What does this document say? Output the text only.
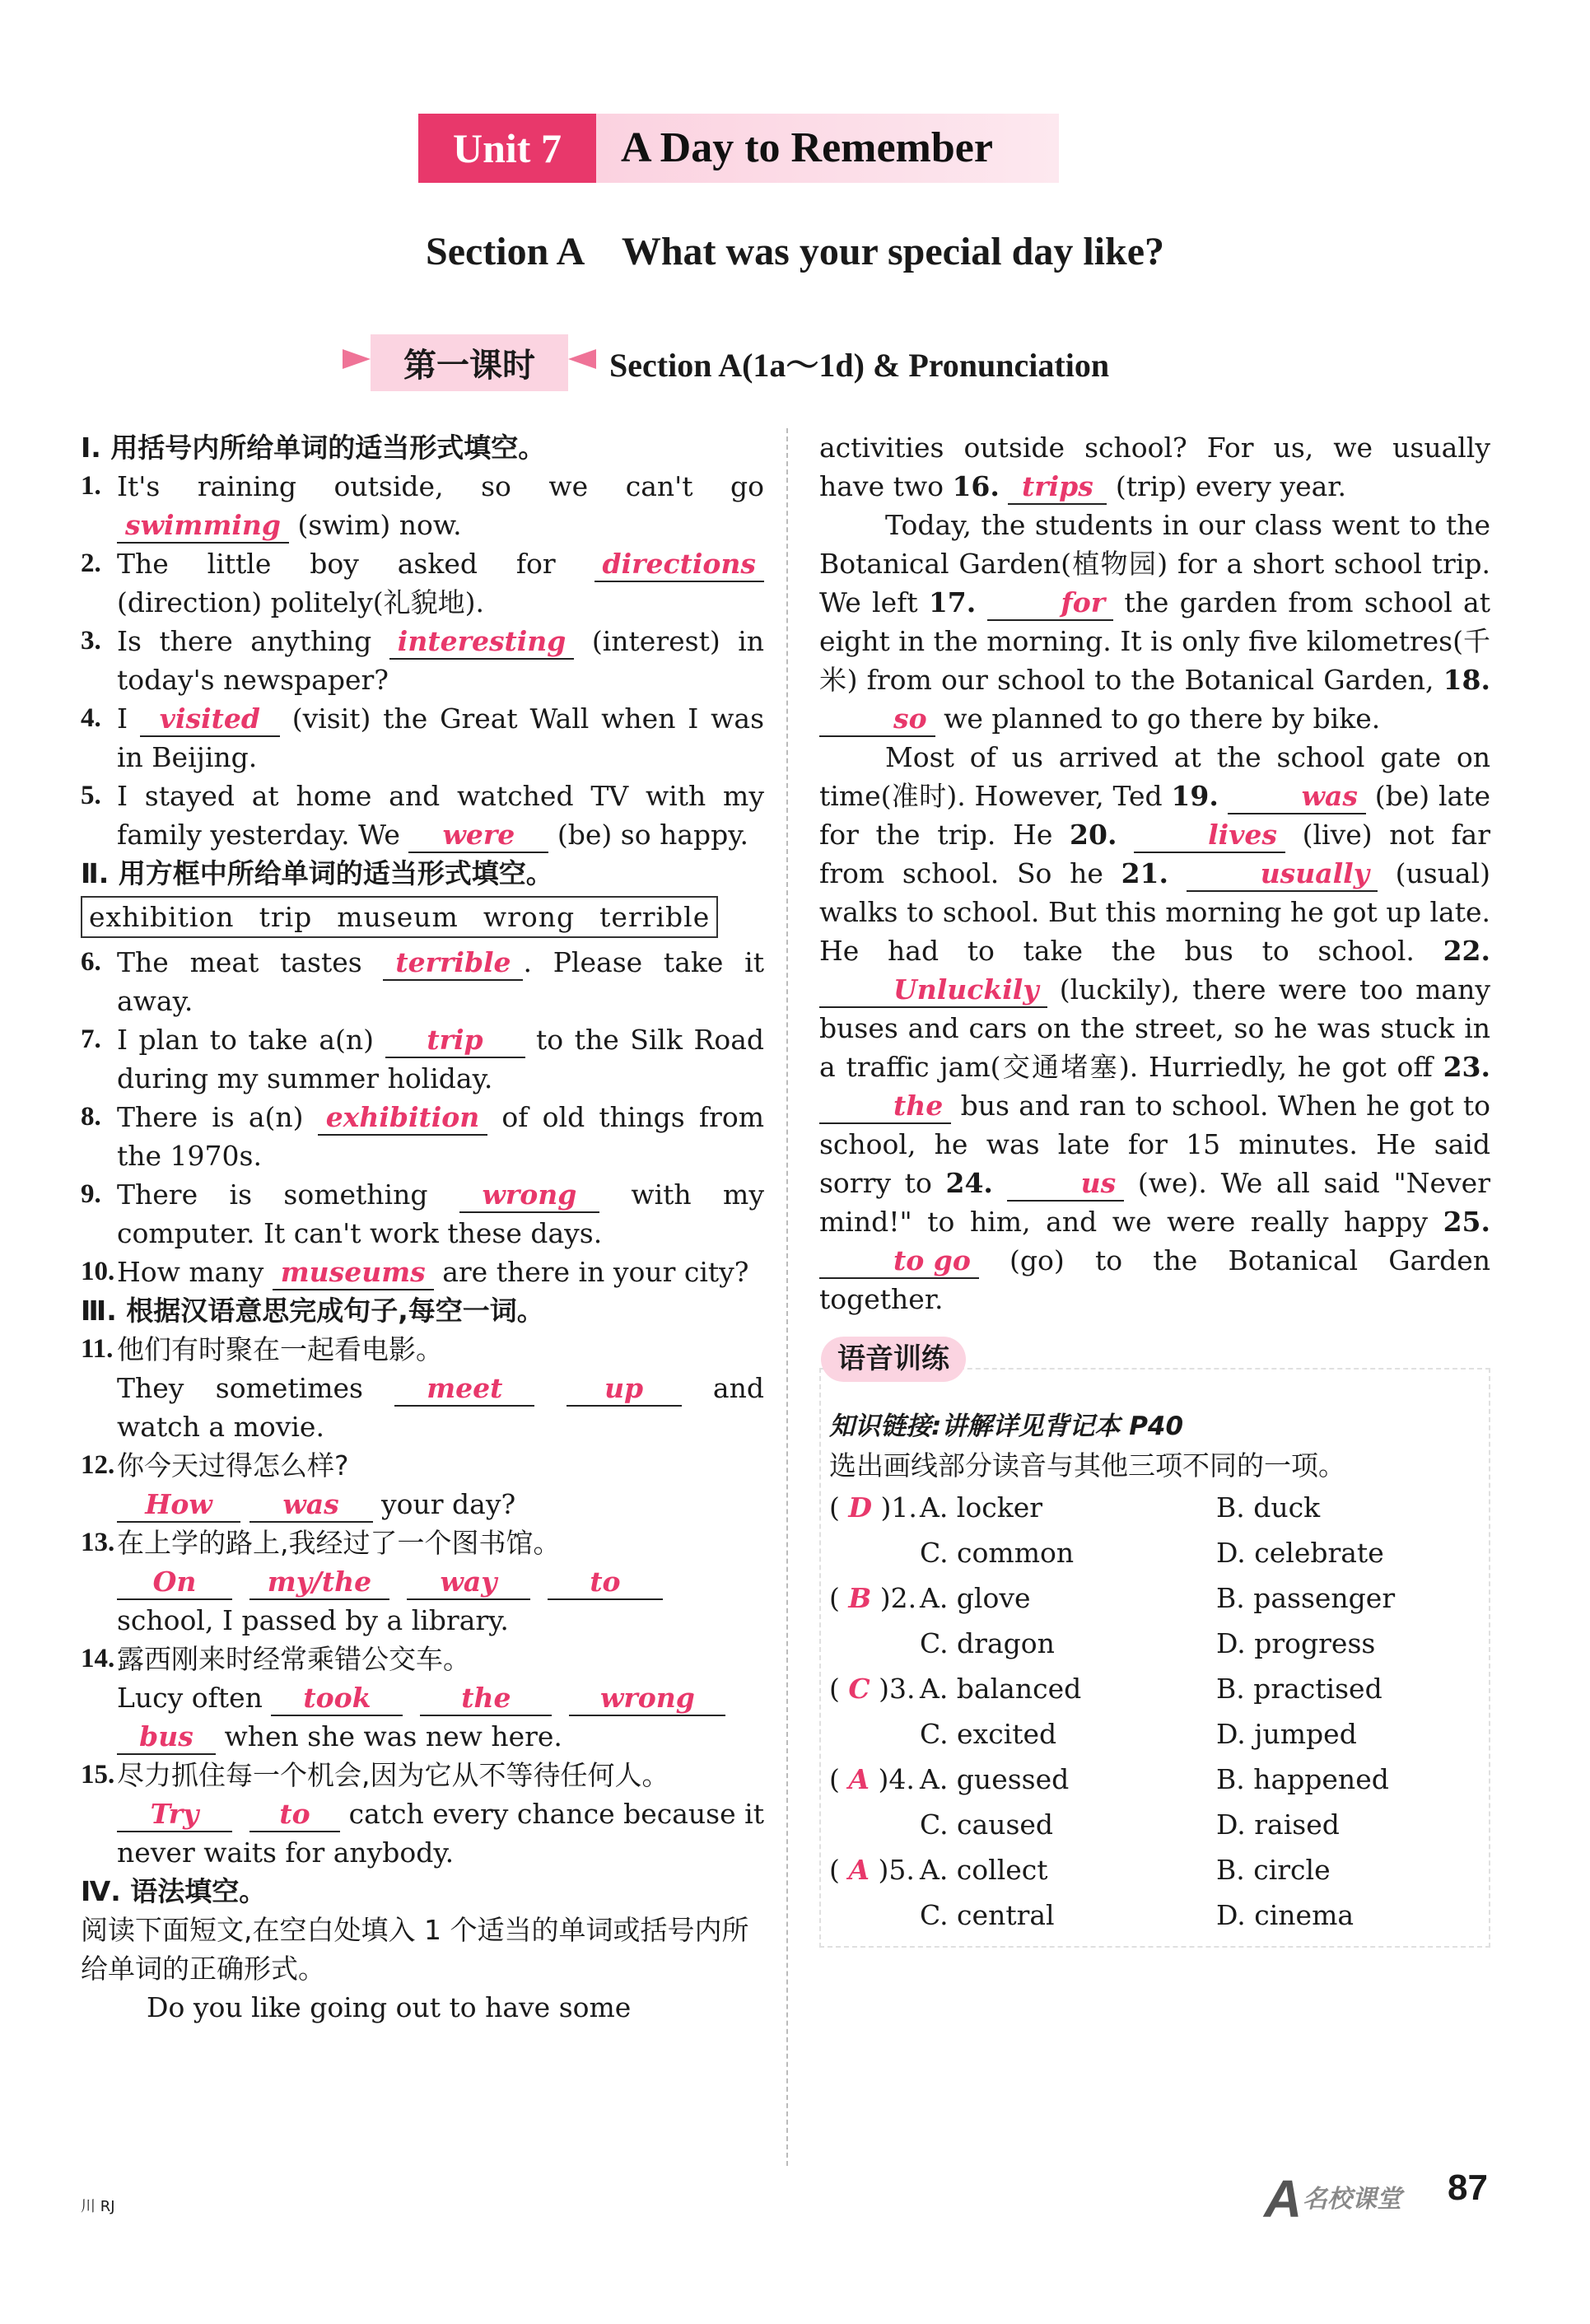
Unit 7	A Day to Remember
Section A    What was your special day like?
第一课时	Section A(1a～1d) & Pronunciation
Ⅰ. 用括号内所给单词的适当形式填空。
1. It's raining outside, so we can't go swimming (swim) now.
2. The little boy asked for directions (direction) politely(礼貌地).
3. Is there anything interesting (interest) in today's newspaper?
4. I visited (visit) the Great Wall when I was in Beijing.
5. I stayed at home and watched TV with my family yesterday. We were (be) so happy.
Ⅱ. 用方框中所给单词的适当形式填空。
exhibition trip museum wrong terrible
6. The meat tastes terrible . Please take it away.
7. I plan to take a(n) trip to the Silk Road during my summer holiday.
8. There is a(n) exhibition of old things from the 1970s.
9. There is something wrong with my computer. It can't work these days.
10. How many museums are there in your city?
Ⅲ. 根据汉语意思完成句子,每空一词。
11. 他们有时聚在一起看电影。
They sometimes meet	up and watch a movie.
12. 你今天过得怎么样?
How	was your day?
13. 在上学的路上,我经过了一个图书馆。
On	my/the	way	to
school, I passed by a library.
14. 露西刚来时经常乘错公交车。
Lucy often took	the	wrong
bus when she was new here.
15. 尽力抓住每一个机会,因为它从不等待任何人。
Try	to catch every chance because it never waits for anybody.
Ⅳ. 语法填空。
阅读下面短文,在空白处填入 1 个适当的单词或括号内所给单词的正确形式。
Do you like going out to have some
activities outside school? For us, we usually have two 16. trips (trip) every year.
Today, the students in our class went to the Botanical Garden(植物园) for a short school trip. We left 17.	for the garden from school at eight in the morning. It is only five kilometres(千米) from our school to the Botanical Garden, 18. so we planned to go there by bike.
Most of us arrived at the school gate on time(准时). However, Ted 19.	was (be) late for the trip. He 20.	lives (live) not far from school. So he 21.	usually (usual) walks to school. But this morning he got up late. He had to take the bus to school. 22. Unluckily (luckily), there were too many buses and cars on the street, so he was stuck in a traffic jam(交通堵塞). Hurriedly, he got off 23. the bus and ran to school. When he got to school, he was late for 15 minutes. He said sorry to 24.	us (we). We all said "Never mind!" to him, and we were really happy 25. to go (go) to the Botanical Garden together.
语音训练
知识链接:讲解详见背记本 P40
选出画线部分读音与其他三项不同的一项。
( D )1. A. locker	B. duck
C. common	D. celebrate
( B )2. A. glove	B. passenger
C. dragon	D. progress
( C )3. A. balanced	B. practised
C. excited	D. jumped
( A )4. A. guessed	B. happened
C. caused	D. raised
( A )5. A. collect	B. circle
C. central	D. cinema
川 RJ	A 名校课堂 87
